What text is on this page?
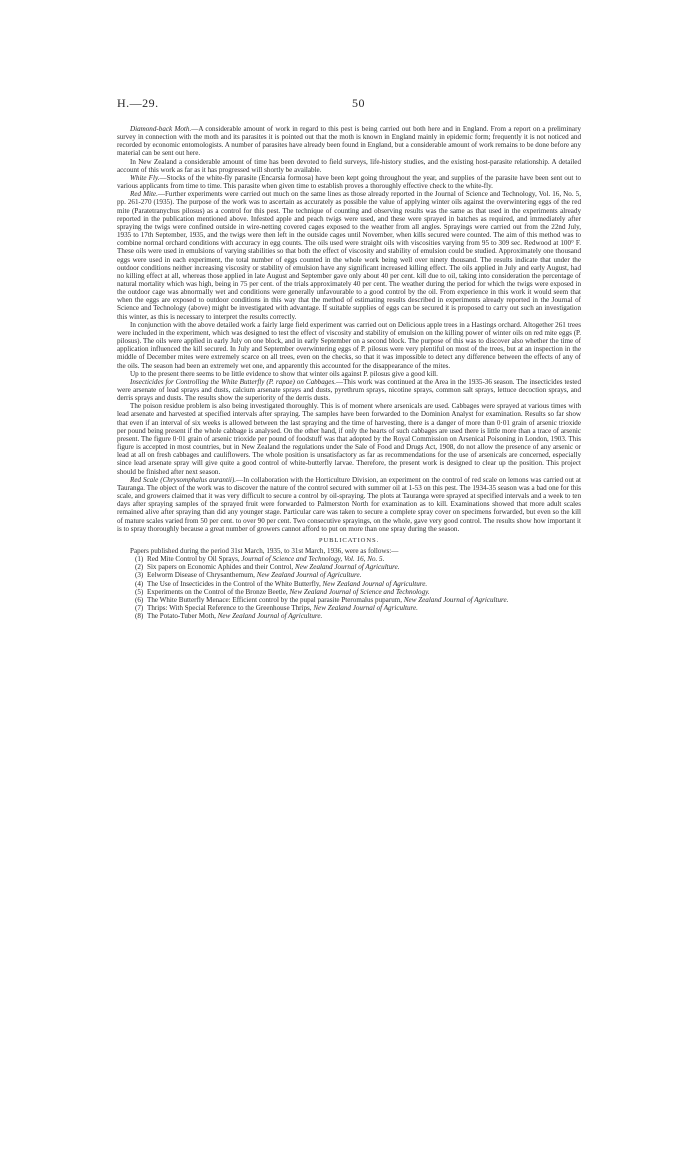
H.—29.	50

Diamond-back Moth.—A considerable amount of work in regard to this pest is being carried out both here and in England. From a report on a preliminary survey in connection with the moth and its parasites it is pointed out that the moth is known in England mainly in epidemic form; frequently it is not noticed and recorded by economic entomologists. A number of parasites have already been found in England, but a considerable amount of work remains to be done before any material can be sent out here.

In New Zealand a considerable amount of time has been devoted to field surveys, life-history studies, and the existing host-parasite relationship. A detailed account of this work as far as it has progressed will shortly be available.

White Fly.—Stocks of the white-fly parasite (Encarsia formosa) have been kept going throughout the year, and supplies of the parasite have been sent out to various applicants from time to time. This parasite when given time to establish proves a thoroughly effective check to the white-fly.

Red Mite.—Further experiments were carried out much on the same lines as those already reported in the Journal of Science and Technology, Vol. 16, No. 5, pp. 261-270 (1935). The purpose of the work was to ascertain as accurately as possible the value of applying winter oils against the overwintering eggs of the red mite (Paratetranychus pilosus) as a control for this pest. The technique of counting and observing results was the same as that used in the experiments already reported in the publication mentioned above. Infested apple and peach twigs were used, and these were sprayed in batches as required, and immediately after spraying the twigs were confined outside in wire-netting covered cages exposed to the weather from all angles. Sprayings were carried out from the 22nd July, 1935 to 17th September, 1935, and the twigs were then left in the outside cages until November, when kills secured were counted. The aim of this method was to combine normal orchard conditions with accuracy in egg counts. The oils used were straight oils with viscosities varying from 95 to 309 sec. Redwood at 100° F. These oils were used in emulsions of varying stabilities so that both the effect of viscosity and stability of emulsion could be studied. Approximately one thousand eggs were used in each experiment, the total number of eggs counted in the whole work being well over ninety thousand. The results indicate that under the outdoor conditions neither increasing viscosity or stability of emulsion have any significant increased killing effect. The oils applied in July and early August, had no killing effect at all, whereas those applied in late August and September gave only about 40 per cent. kill due to oil, taking into consideration the percentage of natural mortality which was high, being in 75 per cent. of the trials approximately 40 per cent. The weather during the period for which the twigs were exposed in the outdoor cage was abnormally wet and conditions were generally unfavourable to a good control by the oil. From experience in this work it would seem that when the eggs are exposed to outdoor conditions in this way that the method of estimating results described in experiments already reported in the Journal of Science and Technology (above) might be investigated with advantage. If suitable supplies of eggs can be secured it is proposed to carry out such an investigation this winter, as this is necessary to interpret the results correctly.

In conjunction with the above detailed work a fairly large field experiment was carried out on Delicious apple trees in a Hastings orchard. Altogether 261 trees were included in the experiment, which was designed to test the effect of viscosity and stability of emulsion on the killing power of winter oils on red mite eggs (P. pilosus). The oils were applied in early July on one block, and in early September on a second block. The purpose of this was to discover also whether the time of application influenced the kill secured. In July and September overwintering eggs of P. pilosus were very plentiful on most of the trees, but at an inspection in the middle of December mites were extremely scarce on all trees, even on the checks, so that it was impossible to detect any difference between the effects of any of the oils. The season had been an extremely wet one, and apparently this accounted for the disappearance of the mites.

Up to the present there seems to be little evidence to show that winter oils against P. pilosus give a good kill.

Insecticides for Controlling the White Butterfly (P. rapae) on Cabbages.—This work was continued at the Area in the 1935-36 season. The insecticides tested were arsenate of lead sprays and dusts, calcium arsenate sprays and dusts, pyrethrum sprays, nicotine sprays, common salt sprays, lettuce decoction sprays, and derris sprays and dusts. The results show the superiority of the derris dusts.

The poison residue problem is also being investigated thoroughly. This is of moment where arsenicals are used. Cabbages were sprayed at various times with lead arsenate and harvested at specified intervals after spraying. The samples have been forwarded to the Dominion Analyst for examination. Results so far show that even if an interval of six weeks is allowed between the last spraying and the time of harvesting, there is a danger of more than 0·01 grain of arsenic trioxide per pound being present if the whole cabbage is analysed. On the other hand, if only the hearts of such cabbages are used there is little more than a trace of arsenic present. The figure 0·01 grain of arsenic trioxide per pound of foodstuff was that adopted by the Royal Commission on Arsenical Poisoning in London, 1903. This figure is accepted in most countries, but in New Zealand the regulations under the Sale of Food and Drugs Act, 1908, do not allow the presence of any arsenic or lead at all on fresh cabbages and cauliflowers. The whole position is unsatisfactory as far as recommendations for the use of arsenicals are concerned, especially since lead arsenate spray will give quite a good control of white-butterfly larvae. Therefore, the present work is designed to clear up the position. This project should be finished after next season.

Red Scale (Chrysomphalus aurantii).—In collaboration with the Horticulture Division, an experiment on the control of red scale on lemons was carried out at Tauranga. The object of the work was to discover the nature of the control secured with summer oil at 1-53 on this pest. The 1934-35 season was a bad one for this scale, and growers claimed that it was very difficult to secure a control by oil-spraying. The plots at Tauranga were sprayed at specified intervals and a week to ten days after spraying samples of the sprayed fruit were forwarded to Palmerston North for examination as to kill. Examinations showed that more adult scales remained alive after spraying than did any younger stage. Particular care was taken to secure a complete spray cover on specimens forwarded, but even so the kill of mature scales varied from 50 per cent. to over 90 per cent. Two consecutive sprayings, on the whole, gave very good control. The results show how important it is to spray thoroughly because a great number of growers cannot afford to put on more than one spray during the season.

PUBLICATIONS.

Papers published during the period 31st March, 1935, to 31st March, 1936, were as follows:—

(1) Red Mite Control by Oil Sprays, Journal of Science and Technology, Vol. 16, No. 5.
(2) Six papers on Economic Aphides and their Control, New Zealand Journal of Agriculture.
(3) Eelworm Disease of Chrysanthemum, New Zealand Journal of Agriculture.
(4) The Use of Insecticides in the Control of the White Butterfly, New Zealand Journal of Agriculture.
(5) Experiments on the Control of the Bronze Beetle, New Zealand Journal of Science and Technology.
(6) The White Butterfly Menace: Efficient control by the pupal parasite Pteromalus puparum, New Zealand Journal of Agriculture.
(7) Thrips: With Special Reference to the Greenhouse Thrips, New Zealand Journal of Agriculture.
(8) The Potato-Tuber Moth, New Zealand Journal of Agriculture.
